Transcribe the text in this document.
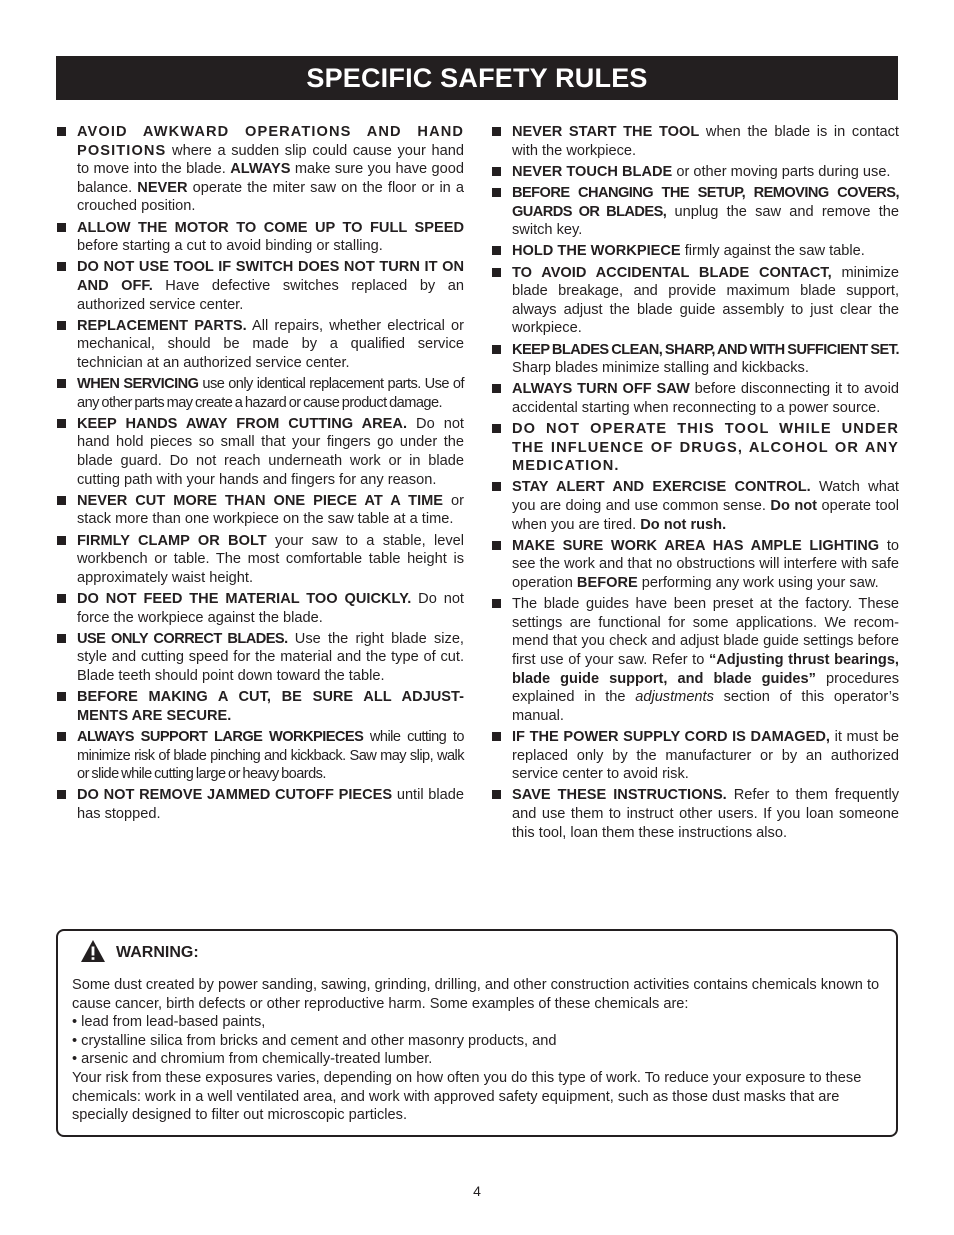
SPECIFIC SAFETY RULES
AVOID AWKWARD OPERATIONS AND HAND POSITIONS where a sudden slip could cause your hand to move into the blade. ALWAYS make sure you have good balance. NEVER operate the miter saw on the floor or in a crouched position.
ALLOW THE MOTOR TO COME UP TO FULL SPEED before starting a cut to avoid binding or stalling.
DO NOT USE TOOL IF SWITCH DOES NOT TURN IT ON AND OFF. Have defective switches replaced by an authorized service center.
REPLACEMENT PARTS. All repairs, whether electrical or mechanical, should be made by a qualified service technician at an authorized service center.
WHEN SERVICING use only identical replacement parts. Use of any other parts may create a hazard or cause product damage.
KEEP HANDS AWAY FROM CUTTING AREA. Do not hand hold pieces so small that your fingers go under the blade guard. Do not reach underneath work or in blade cutting path with your hands and fingers for any reason.
NEVER CUT MORE THAN ONE PIECE AT A TIME or stack more than one workpiece on the saw table at a time.
FIRMLY CLAMP OR BOLT your saw to a stable, level workbench or table. The most comfortable table height is approximately waist height.
DO NOT FEED THE MATERIAL TOO QUICKLY. Do not force the workpiece against the blade.
USE ONLY CORRECT BLADES. Use the right blade size, style and cutting speed for the material and the type of cut. Blade teeth should point down toward the table.
BEFORE MAKING A CUT, BE SURE ALL ADJUST-MENTS ARE SECURE.
ALWAYS SUPPORT LARGE WORKPIECES while cutting to minimize risk of blade pinching and kickback. Saw may slip, walk or slide while cutting large or heavy boards.
DO NOT REMOVE JAMMED CUTOFF PIECES until blade has stopped.
NEVER START THE TOOL when the blade is in contact with the workpiece.
NEVER TOUCH BLADE or other moving parts during use.
BEFORE CHANGING THE SETUP, REMOVING COVERS, GUARDS OR BLADES, unplug the saw and remove the switch key.
HOLD THE WORKPIECE firmly against the saw table.
TO AVOID ACCIDENTAL BLADE CONTACT, minimize blade breakage, and provide maximum blade support, always adjust the blade guide assembly to just clear the workpiece.
KEEP BLADES CLEAN, SHARP, AND WITH SUFFICIENT SET. Sharp blades minimize stalling and kickbacks.
ALWAYS TURN OFF SAW before disconnecting it to avoid accidental starting when reconnecting to a power source.
DO NOT OPERATE THIS TOOL WHILE UNDER THE INFLUENCE OF DRUGS, ALCOHOL OR ANY MEDICATION.
STAY ALERT AND EXERCISE CONTROL. Watch what you are doing and use common sense. Do not operate tool when you are tired. Do not rush.
MAKE SURE WORK AREA HAS AMPLE LIGHTING to see the work and that no obstructions will interfere with safe operation BEFORE performing any work using your saw.
The blade guides have been preset at the factory. These settings are functional for some applications. We recom-mend that you check and adjust blade guide settings before first use of your saw. Refer to “Adjusting thrust bearings, blade guide support, and blade guides” procedures explained in the adjustments section of this operator’s manual.
IF THE POWER SUPPLY CORD IS DAMAGED, it must be replaced only by the manufacturer or by an authorized service center to avoid risk.
SAVE THESE INSTRUCTIONS. Refer to them frequently and use them to instruct other users. If you loan someone this tool, loan them these instructions also.
WARNING:

Some dust created by power sanding, sawing, grinding, drilling, and other construction activities contains chemicals known to cause cancer, birth defects or other reproductive harm. Some examples of these chemicals are:

• lead from lead-based paints,

• crystalline silica from bricks and cement and other masonry products, and

• arsenic and chromium from chemically-treated lumber.

Your risk from these exposures varies, depending on how often you do this type of work. To reduce your exposure to these chemicals: work in a well ventilated area, and work with approved safety equipment, such as those dust masks that are specially designed to filter out microscopic particles.

4
